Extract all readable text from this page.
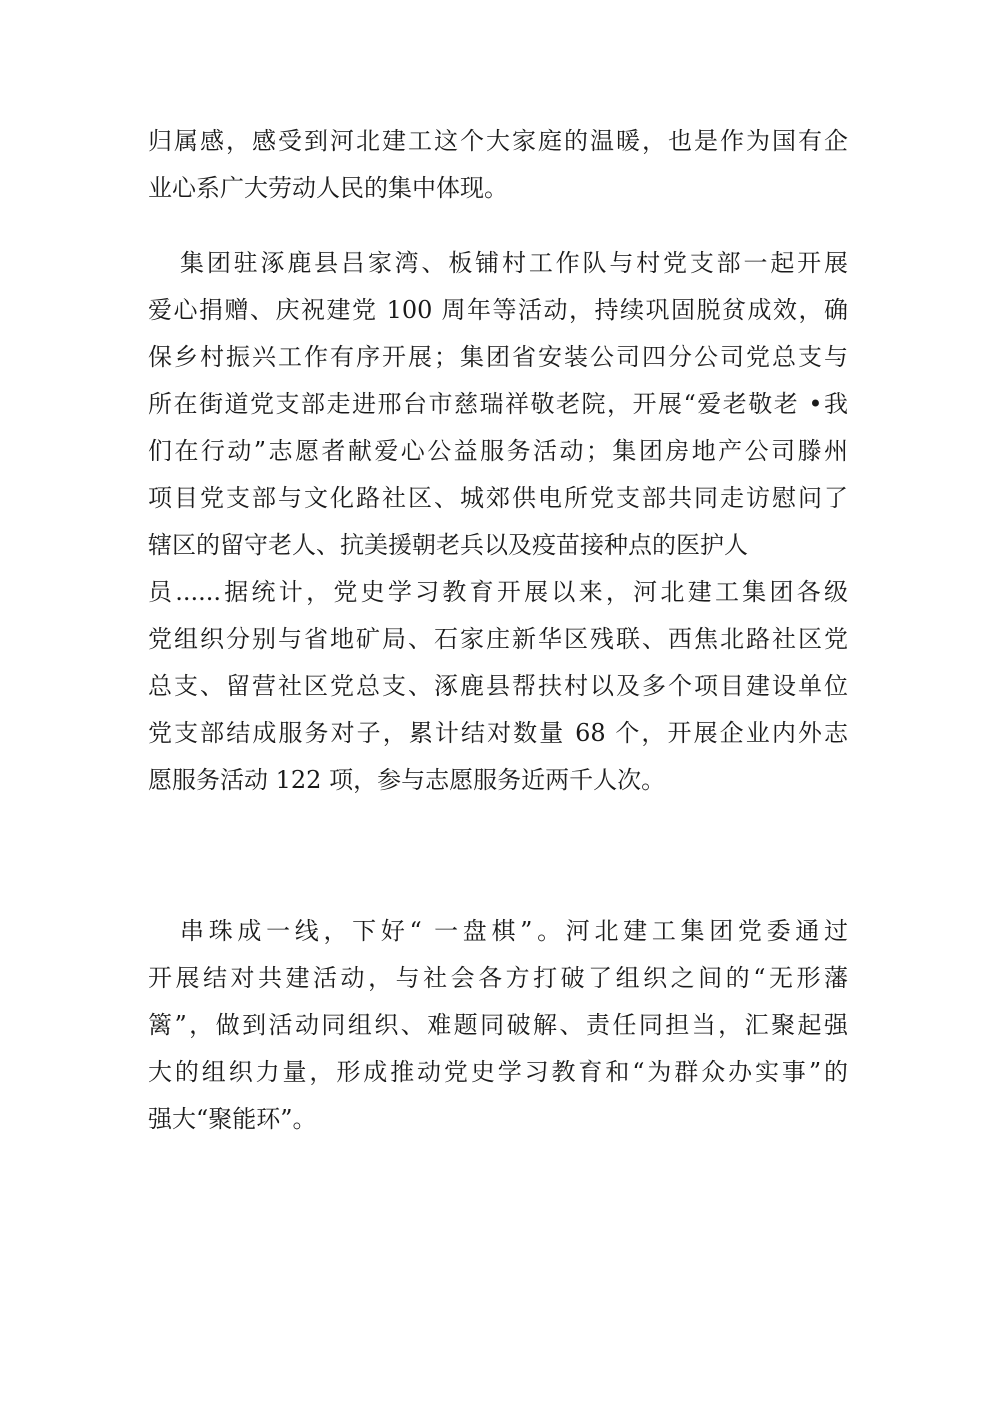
归属感，感受到河北建工这个大家庭的温暖，也是作为国有企
业心系广大劳动人民的集中体现。
集团驻涿鹿县吕家湾、板铺村工作队与村党支部一起开展
爱心捐赠、庆祝建党 100 周年等活动，持续巩固脱贫成效，确
保乡村振兴工作有序开展；集团省安装公司四分公司党总支与
所在街道党支部走进邢台市慈瑞祥敬老院，开展“爱老敬老 •我
们在行动”志愿者献爱心公益服务活动；集团房地产公司滕州
项目党支部与文化路社区、城郊供电所党支部共同走访慰问了
辖区的留守老人、抗美援朝老兵以及疫苗接种点的医护人
员......据统计，党史学习教育开展以来，河北建工集团各级
党组织分别与省地矿局、石家庄新华区残联、西焦北路社区党
总支、留营社区党总支、涿鹿县帮扶村以及多个项目建设单位
党支部结成服务对子，累计结对数量 68 个，开展企业内外志
愿服务活动 122 项，参与志愿服务近两千人次。
串珠成一线，下好“ 一盘棋”。河北建工集团党委通过
开展结对共建活动，与社会各方打破了组织之间的“无形藩
篱”，做到活动同组织、难题同破解、责任同担当，汇聚起强
大的组织力量，形成推动党史学习教育和“为群众办实事”的
强大“聚能环”。
